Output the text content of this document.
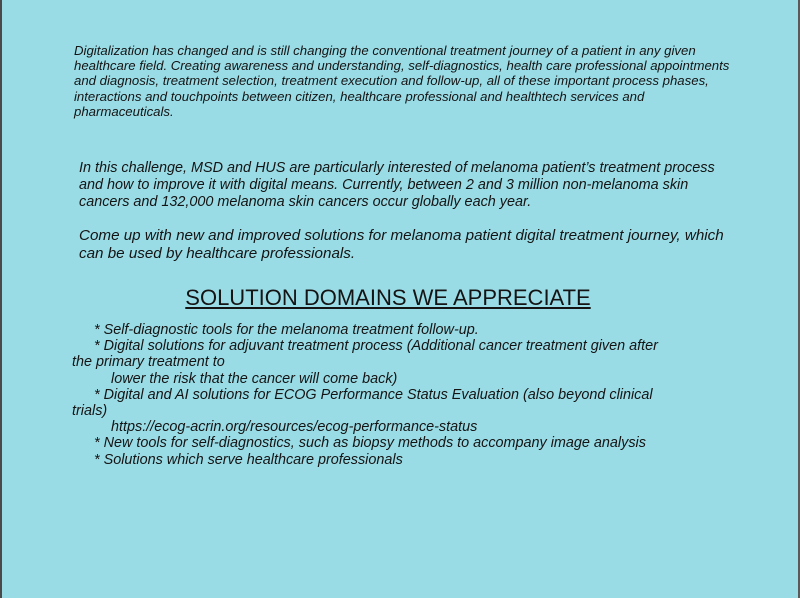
Digitalization has changed and is still changing the conventional treatment journey of a patient in any given healthcare field. Creating awareness and understanding, self-diagnostics, health care professional appointments and diagnosis, treatment selection, treatment execution and follow-up, all of these important process phases, interactions and touchpoints between citizen, healthcare professional and healthtech services and pharmaceuticals.

In this challenge, MSD and HUS are particularly interested of melanoma patient’s treatment process and how to improve it with digital means. Currently, between 2 and 3 million non-melanoma skin cancers and 132,000 melanoma skin cancers occur globally each year.

Come up with new and improved solutions for melanoma patient digital treatment journey, which can be used by healthcare professionals.

SOLUTION DOMAINS WE APPRECIATE
* Self-diagnostic tools for the melanoma treatment follow-up.
* Digital solutions for adjuvant treatment process (Additional cancer treatment given after
the primary treatment to
lower the risk that the cancer will come back)
* Digital and AI solutions for ECOG Performance Status Evaluation (also beyond clinical
trials)
https://ecog-acrin.org/resources/ecog-performance-status
* New tools for self-diagnostics, such as biopsy methods to accompany image analysis
* Solutions which serve healthcare professionals
